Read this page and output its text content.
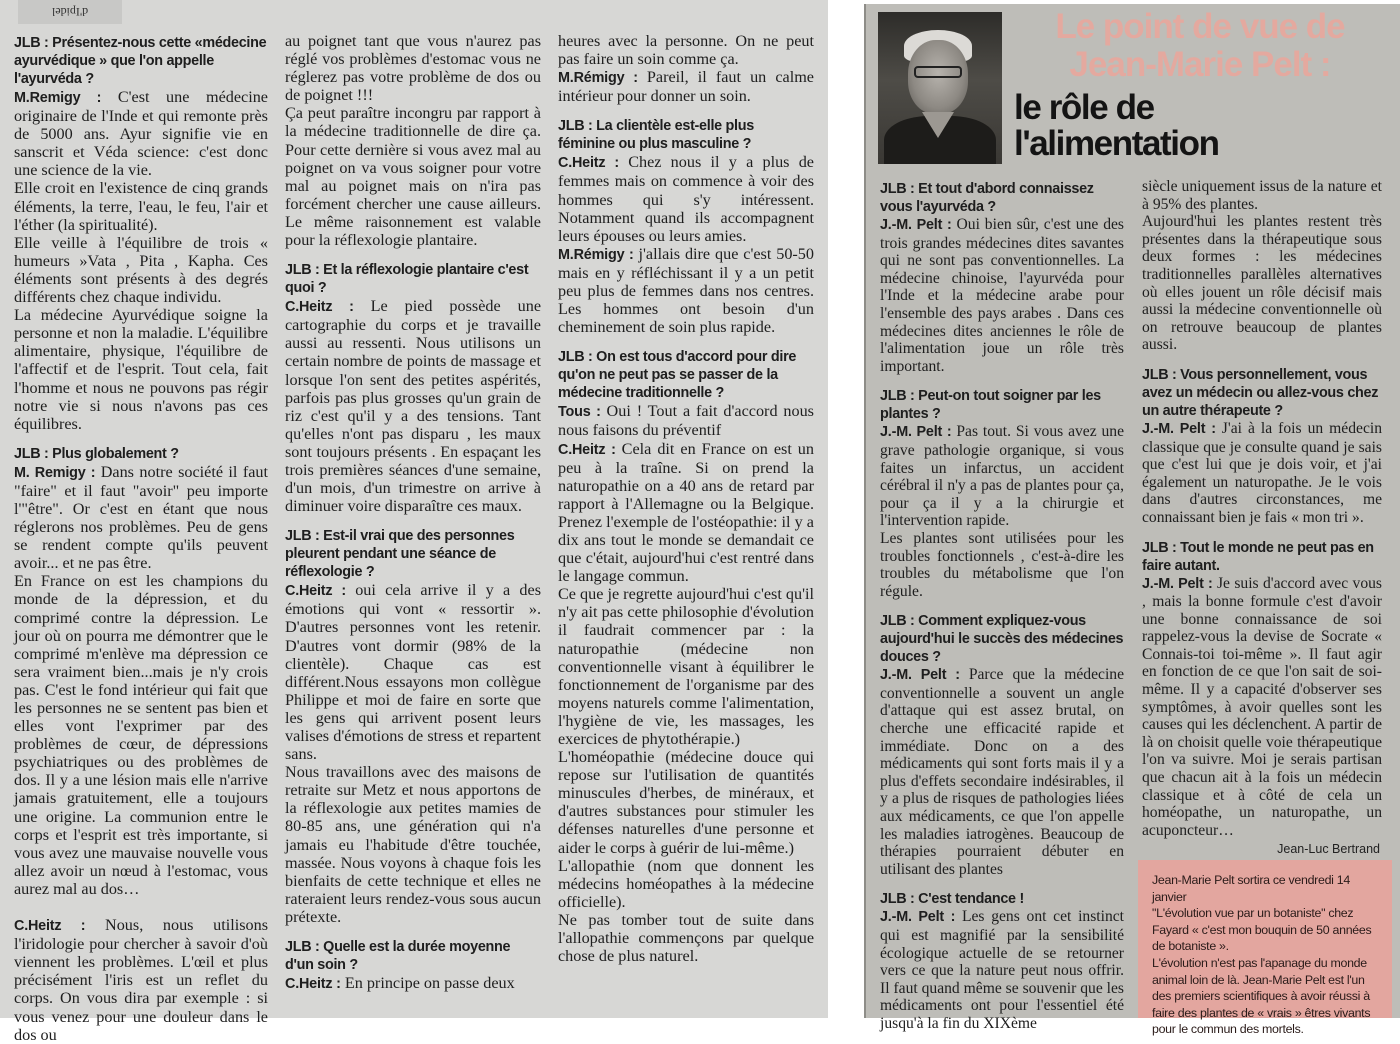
d'Ipidel

JLB : Présentez-nous cette «médecine ayurvédique » que l'on appelle l'ayurvéda ?

M.Remigy : C'est une médecine originaire de l'Inde et qui remonte près de 5000 ans. Ayur signifie vie en sanscrit et Véda science: c'est donc une science de la vie.

Elle croit en l'existence de cinq grands éléments, la terre, l'eau, le feu, l'air et l'éther (la spiritualité).

Elle veille à l'équilibre de trois « humeurs »Vata , Pita , Kapha. Ces éléments sont présents à des degrés différents chez chaque individu.

La médecine Ayurvédique soigne la personne et non la maladie. L'équilibre alimentaire, physique, l'équilibre de l'affectif et de l'esprit. Tout cela, fait l'homme et nous ne pouvons pas régir notre vie si nous n'avons pas ces équilibres.

JLB : Plus globalement ?

M. Remigy : Dans notre société il faut "faire" et il faut "avoir" peu importe l'"être". Or c'est en étant que nous réglerons nos problèmes. Peu de gens se rendent compte qu'ils peuvent avoir... et ne pas être.

En France on est les champions du monde de la dépression, et du comprimé contre la dépression. Le jour où on pourra me démontrer que le comprimé m'enlève ma dépression ce sera vraiment bien...mais je n'y crois pas. C'est le fond intérieur qui fait que les personnes ne se sentent pas bien et elles vont l'exprimer par des problèmes de cœur, de dépressions psychiatriques ou des problèmes de dos. Il y a une lésion mais elle n'arrive jamais gratuitement, elle a toujours une origine. La communion entre le corps et l'esprit est très importante, si vous avez une mauvaise nouvelle vous allez avoir un nœud à l'estomac, vous aurez mal au dos…

C.Heitz : Nous, nous utilisons l'iridologie pour chercher à savoir d'où viennent les problèmes. L'œil et plus précisément l'iris est un reflet du corps. On vous dira par exemple : si vous venez pour une douleur dans le dos ou

au poignet tant que vous n'aurez pas réglé vos problèmes d'estomac vous ne réglerez pas votre problème de dos ou de poignet !!!

Ça peut paraître incongru par rapport à la médecine traditionnelle de dire ça. Pour cette dernière si vous avez mal au poignet on va vous soigner pour votre mal au poignet mais on n'ira pas forcément chercher une cause ailleurs. Le même raisonnement est valable pour la réflexologie plantaire.

JLB : Et la réflexologie plantaire c'est quoi ?

C.Heitz : Le pied possède une cartographie du corps et je travaille aussi au ressenti. Nous utilisons un certain nombre de points de massage et lorsque l'on sent des petites aspérités, parfois pas plus grosses qu'un grain de riz c'est qu'il y a des tensions. Tant qu'elles n'ont pas disparu , les maux sont toujours présents . En espaçant les trois premières séances d'une semaine, d'un mois, d'un trimestre on arrive à diminuer voire disparaître ces maux.

JLB : Est-il vrai que des personnes pleurent pendant une séance de réflexologie ?

C.Heitz : oui cela arrive il y a des émotions qui vont « ressortir ». D'autres personnes vont les retenir. D'autres vont dormir (98% de la clientèle). Chaque cas est différent.Nous essayons mon collègue Philippe et moi de faire en sorte que les gens qui arrivent posent leurs valises d'émotions de stress et repartent sans.

Nous travaillons avec des maisons de retraite sur Metz et nous apportons de la réflexologie aux petites mamies de 80-85 ans, une génération qui n'a jamais eu l'habitude d'être touchée, massée. Nous voyons à chaque fois les bienfaits de cette technique et elles ne rateraient leurs rendez-vous sous aucun prétexte.

JLB : Quelle est la durée moyenne d'un soin ?

C.Heitz : En principe on passe deux

heures avec la personne. On ne peut pas faire un soin comme ça.

M.Rémigy : Pareil, il faut un calme intérieur pour donner un soin.

JLB : La clientèle est-elle plus féminine ou plus masculine ?

C.Heitz : Chez nous il y a plus de femmes mais on commence à voir des hommes qui s'y intéressent. Notamment quand ils accompagnent leurs épouses ou leurs amies.

M.Rémigy : j'allais dire que c'est 50-50 mais en y réfléchissant il y a un petit peu plus de femmes dans nos centres. Les hommes ont besoin d'un cheminement de soin plus rapide.

JLB : On est tous d'accord pour dire qu'on ne peut pas se passer de la médecine traditionnelle ?

Tous : Oui ! Tout a fait d'accord nous nous faisons du préventif

C.Heitz : Cela dit en France on est un peu à la traîne. Si on prend la naturopathie on a 40 ans de retard par rapport à l'Allemagne ou la Belgique. Prenez l'exemple de l'ostéopathie: il y a dix ans tout le monde se demandait ce que c'était, aujourd'hui c'est rentré dans le langage commun.

Ce que je regrette aujourd'hui c'est qu'il n'y ait pas cette philosophie d'évolution il faudrait commencer par : la naturopathie (médecine non conventionnelle visant à équilibrer le fonctionnement de l'organisme par des moyens naturels comme l'alimentation, l'hygiène de vie, les massages, les exercices de phytothérapie.)

L'homéopathie (médecine douce qui repose sur l'utilisation de quantités minuscules d'herbes, de minéraux, et d'autres substances pour stimuler les défenses naturelles d'une personne et aider le corps à guérir de lui-même.)

L'allopathie (nom que donnent les médecins homéopathes à la médecine officielle).

Ne pas tomber tout de suite dans l'allopathie commençons par quelque chose de plus naturel.

Le point de vue de Jean-Marie Pelt :
le rôle de l'alimentation

JLB : Et tout d'abord connaissez vous l'ayurvéda ?

J.-M. Pelt : Oui bien sûr, c'est une des trois grandes médecines dites savantes qui ne sont pas conventionnelles. La médecine chinoise, l'ayurvéda pour l'Inde et la médecine arabe pour l'ensemble des pays arabes . Dans ces médecines dites anciennes le rôle de l'alimentation joue un rôle très important.

JLB : Peut-on tout soigner par les plantes ?

J.-M. Pelt : Pas tout. Si vous avez une grave pathologie organique, si vous faites un infarctus, un accident cérébral il n'y a pas de plantes pour ça, pour ça il y a la chirurgie et l'intervention rapide.

Les plantes sont utilisées pour les troubles fonctionnels , c'est-à-dire les troubles du métabolisme que l'on régule.

JLB : Comment expliquez-vous aujourd'hui le succès des médecines douces ?

J.-M. Pelt : Parce que la médecine conventionnelle a souvent un angle d'attaque qui est assez brutal, on cherche une efficacité rapide et immédiate. Donc on a des médicaments qui sont forts mais il y a plus d'effets secondaire indésirables, il y a plus de risques de pathologies liées aux médicaments, ce que l'on appelle les maladies iatrogènes. Beaucoup de thérapies pourraient débuter en utilisant des plantes

JLB : C'est tendance !

J.-M. Pelt : Les gens ont cet instinct qui est magnifié par la sensibilité écologique actuelle de se retourner vers ce que la nature peut nous offrir. Il faut quand même se souvenir que les médicaments ont pour l'essentiel été jusqu'à la fin du XIXème

siècle uniquement issus de la nature et à 95% des plantes.

Aujourd'hui les plantes restent très présentes dans la thérapeutique sous deux formes : les médecines traditionnelles parallèles alternatives où elles jouent un rôle décisif mais aussi la médecine conventionnelle où on retrouve beaucoup de plantes aussi.

JLB : Vous personnellement, vous avez un médecin ou allez-vous chez un autre thérapeute ?

J.-M. Pelt : J'ai à la fois un médecin classique que je consulte quand je sais que c'est lui que je dois voir, et j'ai également un naturopathe. Je le vois dans d'autres circonstances, me connaissant bien je fais « mon tri ».

JLB : Tout le monde ne peut pas en faire autant.

J.-M. Pelt : Je suis d'accord avec vous , mais la bonne formule c'est d'avoir une bonne connaissance de soi rappelez-vous la devise de Socrate « Connais-toi toi-même ». Il faut agir en fonction de ce que l'on sait de soi-même. Il y a capacité d'observer ses symptômes, à avoir quelles sont les causes qui les déclenchent. A partir de là on choisit quelle voie thérapeutique l'on va suivre. Moi je serais partisan que chacun ait à la fois un médecin classique et à côté de cela un homéopathe, un naturopathe, un acuponcteur…

Jean-Luc Bertrand
Jean-Marie Pelt sortira ce vendredi 14 janvier
"L'évolution vue par un botaniste" chez
Fayard « c'est mon bouquin de 50 années de botaniste ».
L'évolution n'est pas l'apanage du monde animal loin de là. Jean-Marie Pelt est l'un des premiers scientifiques à avoir réussi à faire des plantes de « vrais » êtres vivants pour le commun des mortels.
